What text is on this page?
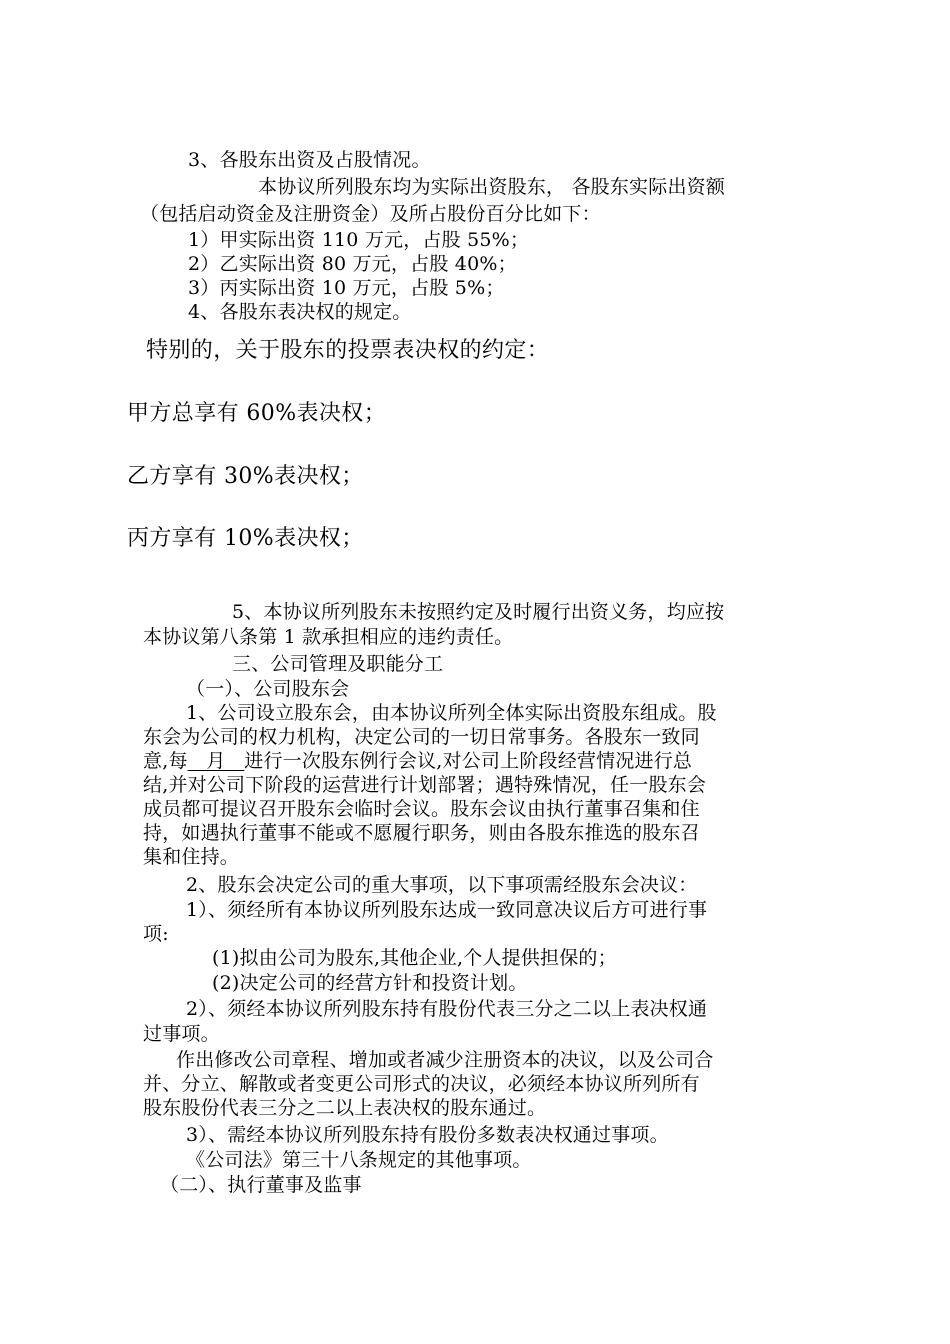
3、各股东出资及占股情况。
本协议所列股东均为实际出资股东， 各股东实际出资额
（包括启动资金及注册资金）及所占股份百分比如下：
1）甲实际出资 110 万元，占股 55%；
2）乙实际出资 80 万元，占股 40%；
3）丙实际出资 10 万元，占股 5%；
4、各股东表决权的规定。
特别的，关于股东的投票表决权的约定：
甲方总享有 60%表决权；
乙方享有 30%表决权；
丙方享有 10%表决权；
5、本协议所列股东未按照约定及时履行出资义务，均应按
本协议第八条第 1 款承担相应的违约责任。
三、公司管理及职能分工
（一）、公司股东会
1、公司设立股东会，由本协议所列全体实际出资股东组成。股
东会为公司的权力机构，决定公司的一切日常事务。各股东一致同
意,每   月   进行一次股东例行会议,对公司上阶段经营情况进行总
结,并对公司下阶段的运营进行计划部署；遇特殊情况，任一股东会
成员都可提议召开股东会临时会议。股东会议由执行董事召集和住
持，如遇执行董事不能或不愿履行职务，则由各股东推选的股东召
集和住持。
2、股东会决定公司的重大事项，以下事项需经股东会决议：
1）、须经所有本协议所列股东达成一致同意决议后方可进行事
项:
(1)拟由公司为股东,其他企业,个人提供担保的；
(2)决定公司的经营方针和投资计划。
2）、须经本协议所列股东持有股份代表三分之二以上表决权通
过事项。
作出修改公司章程、增加或者减少注册资本的决议，以及公司合
并、分立、解散或者变更公司形式的决议，必须经本协议所列所有
股东股份代表三分之二以上表决权的股东通过。
3）、需经本协议所列股东持有股份多数表决权通过事项。
《公司法》第三十八条规定的其他事项。
（二）、执行董事及监事
